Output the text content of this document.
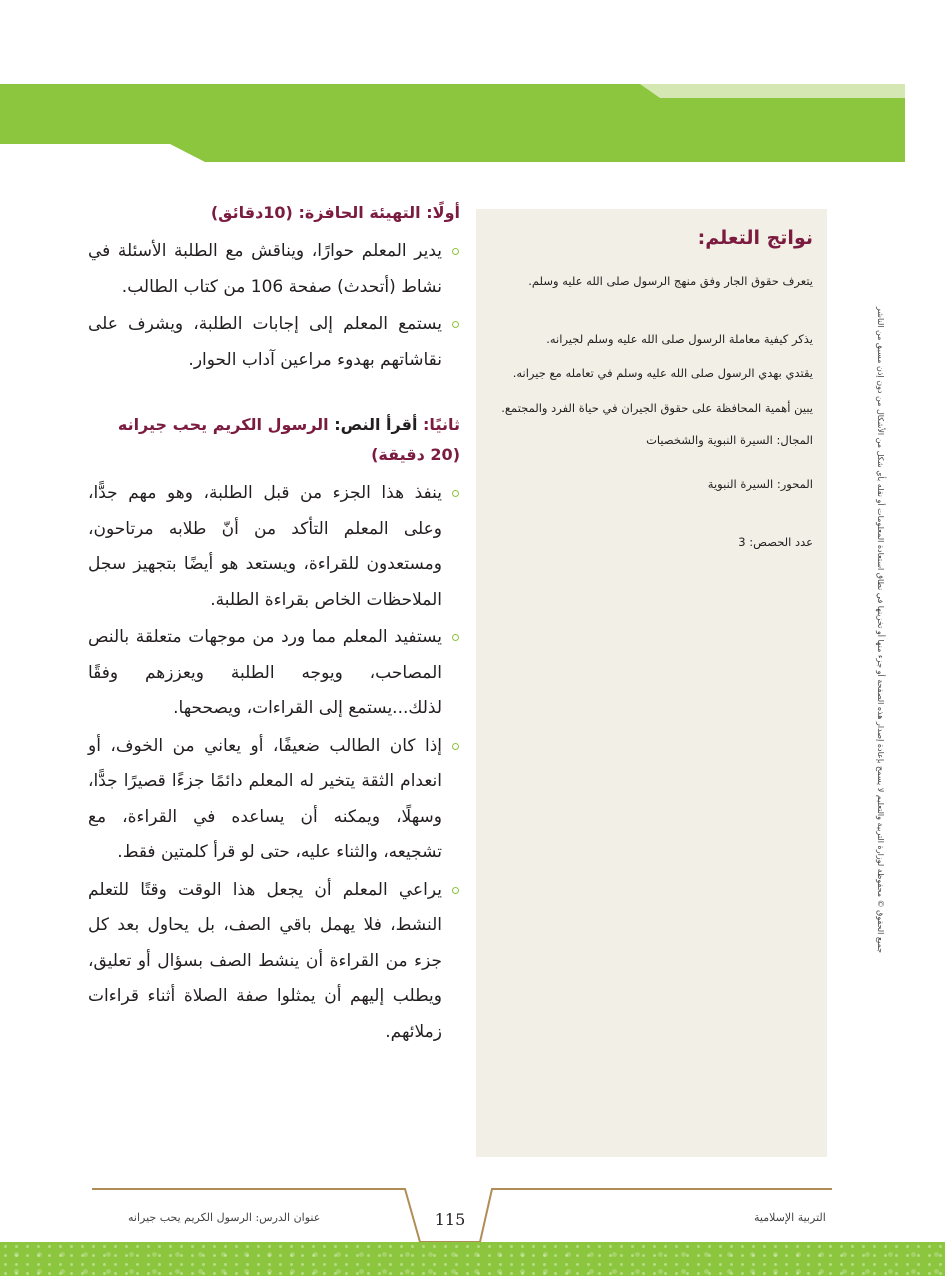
جميع الحقوق © محفوظة لوزارة التربية والتعليم لا يسمح بإعادة إصدار هذه الصفحة أو جزء منها أو تخزينها في نطاق استعادة المعلومات أو نقله بأي شكل من الأشكال من دون إذن مسبق من الناشر
أولًا: التهيئة الحافزة: (10دقائق)
يدير المعلم حوارًا، ويناقش مع الطلبة الأسئلة في نشاط (أتحدث) صفحة 106 من كتاب الطالب.
يستمع المعلم إلى إجابات الطلبة، ويشرف على نقاشاتهم بهدوء مراعين آداب الحوار.
ثانيًا: أقرأ النص: الرسول الكريم يحب جيرانه
(20 دقيقة)
ينفذ هذا الجزء من قبل الطلبة، وهو مهم جدًّا، وعلى المعلم التأكد من أنّ طلابه مرتاحون، ومستعدون للقراءة، ويستعد هو أيضًا بتجهيز سجل الملاحظات الخاص بقراءة الطلبة.
يستفيد المعلم مما ورد من موجهات متعلقة بالنص المصاحب، ويوجه الطلبة ويعززهم وفقًا لذلك...يستمع إلى القراءات، ويصححها.
إذا كان الطالب ضعيفًا، أو يعاني من الخوف، أو انعدام الثقة يتخير له المعلم دائمًا جزءًا قصيرًا جدًّا، وسهلًا، ويمكنه أن يساعده في القراءة، مع تشجيعه، والثناء عليه، حتى لو قرأ كلمتين فقط.
يراعي المعلم أن يجعل هذا الوقت وقتًا للتعلم النشط، فلا يهمل باقي الصف، بل يحاول بعد كل جزء من القراءة أن ينشط الصف بسؤال أو تعليق، ويطلب إليهم أن يمثلوا صفة الصلاة أثناء قراءات زملائهم.
نواتج التعلم:
يتعرف حقوق الجار وفق منهج الرسول صلى الله عليه وسلم.
يذكر كيفية معاملة الرسول صلى الله عليه وسلم لجيرانه.
يقتدي بهدي الرسول صلى الله عليه وسلم في تعامله مع جيرانه.
يبين أهمية المحافظة على حقوق الجيران في حياة الفرد والمجتمع.
المجال: السيرة النبوية والشخصيات
المحور: السيرة النبوية
عدد الحصص: 3
عنوان الدرس: الرسول الكريم يحب جيرانه	115	التربية الإسلامية
